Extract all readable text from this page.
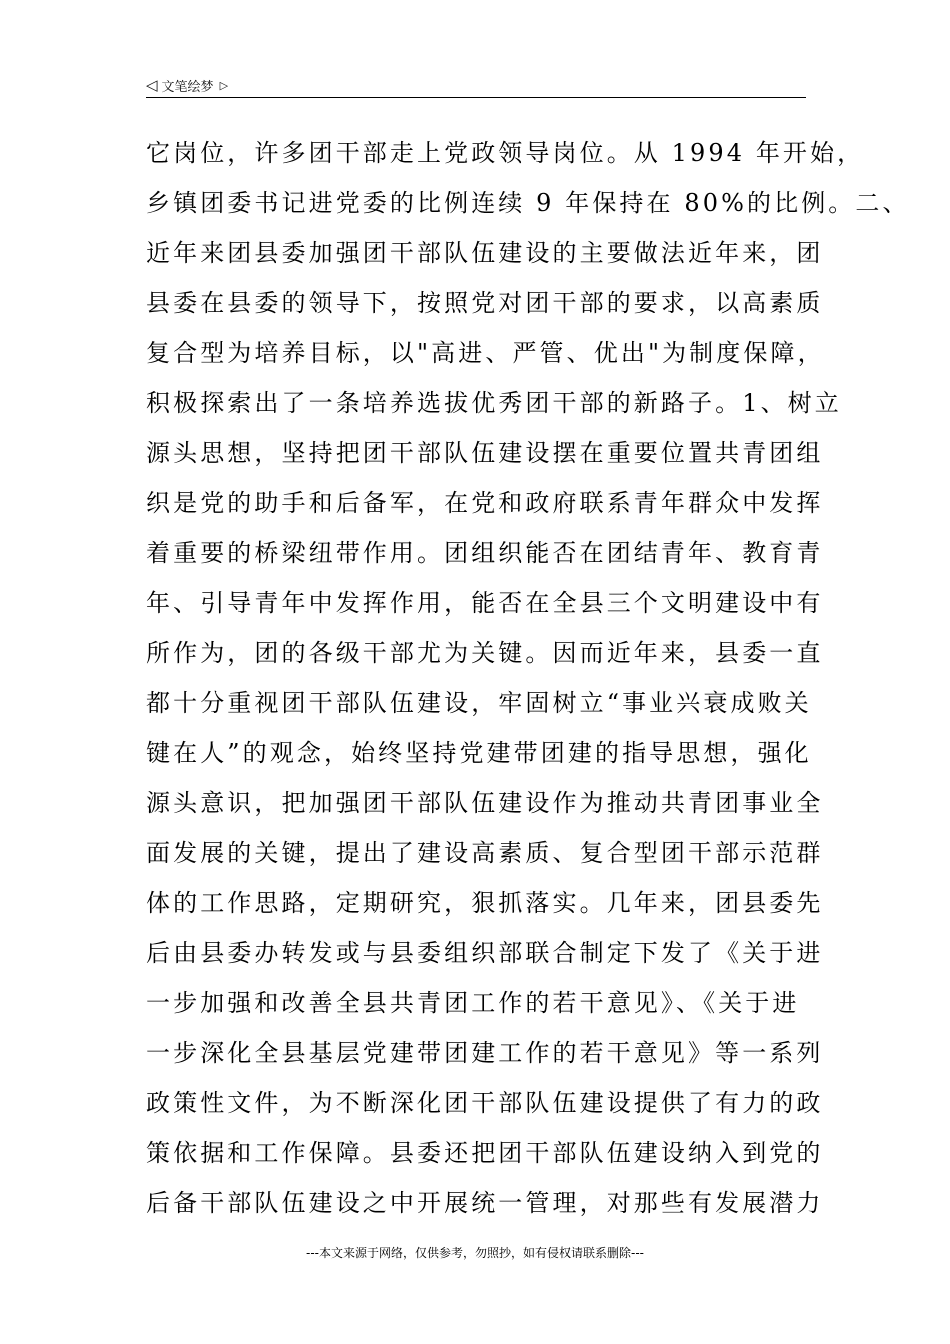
◁ 文笔绘梦 ▷
它岗位，许多团干部走上党政领导岗位。从 1994 年开始，
乡镇团委书记进党委的比例连续 9 年保持在 80%的比例。二、
近年来团县委加强团干部队伍建设的主要做法近年来，团
县委在县委的领导下，按照党对团干部的要求，以高素质
复合型为培养目标，以"高进、严管、优出"为制度保障，
积极探索出了一条培养选拔优秀团干部的新路子。1、树立
源头思想，坚持把团干部队伍建设摆在重要位置共青团组
织是党的助手和后备军，在党和政府联系青年群众中发挥
着重要的桥梁纽带作用。团组织能否在团结青年、教育青
年、引导青年中发挥作用，能否在全县三个文明建设中有
所作为，团的各级干部尤为关键。因而近年来，县委一直
都十分重视团干部队伍建设，牢固树立“事业兴衰成败关
键在人”的观念，始终坚持党建带团建的指导思想，强化
源头意识，把加强团干部队伍建设作为推动共青团事业全
面发展的关键，提出了建设高素质、复合型团干部示范群
体的工作思路，定期研究，狠抓落实。几年来，团县委先
后由县委办转发或与县委组织部联合制定下发了《关于进
一步加强和改善全县共青团工作的若干意见》、《关于进
一步深化全县基层党建带团建工作的若干意见》等一系列
政策性文件，为不断深化团干部队伍建设提供了有力的政
策依据和工作保障。县委还把团干部队伍建设纳入到党的
后备干部队伍建设之中开展统一管理，对那些有发展潜力
---本文来源于网络，仅供参考，勿照抄，如有侵权请联系删除---
